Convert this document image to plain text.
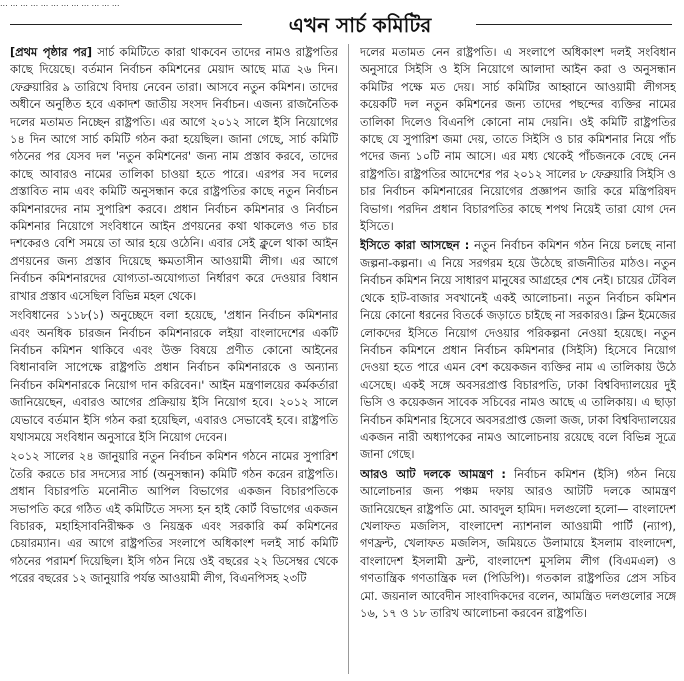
... ... ... ... ... ... ... ... ... ... ... ...
এখন সার্চ কমিটির

[প্রথম পৃষ্ঠার পর] সার্চ কমিটিতে কারা থাকবেন তাদের নামও রাষ্ট্রপতির কাছে দিয়েছে। বর্তমান নির্বাচন কমিশনের মেয়াদ আছে মাত্র ২৬ দিন। ফেব্রুয়ারির ৯ তারিখে বিদায় নেবেন তারা। আসবে নতুন কমিশন। তাদের অধীনে অনুষ্ঠিত হবে একাদশ জাতীয় সংসদ নির্বাচন। এজন্য রাজনৈতিক দলের মতামত নিচ্ছেন রাষ্ট্রপতি। এর আগে ২০১২ সালে ইসি নিয়োগের ১৪ দিন আগে সার্চ কমিটি গঠন করা হয়েছিল। জানা গেছে, সার্চ কমিটি গঠনের পর যেসব দল 'নতুন কমিশনের' জন্য নাম প্রস্তাব করবে, তাদের কাছে আবারও নামের তালিকা চাওয়া হতে পারে। এরপর সব দলের প্রস্তাবিত নাম এবং কমিটি অনুসন্ধান করে রাষ্ট্রপতির কাছে নতুন নির্বাচন কমিশনারদের নাম সুপারিশ করবে। প্রধান নির্বাচন কমিশনার ও নির্বাচন কমিশনার নিয়োগে সংবিধানে আইন প্রণয়নের কথা থাকলেও গত চার দশকেরও বেশি সময়ে তা আর হয়ে ওঠেনি। এবার সেই ক্লুলে থাকা আইন প্রণয়নের জন্য প্রস্তাব দিয়েছে ক্ষমতাসীন আওয়ামী লীগ। এর আগে নির্বাচন কমিশনারদের যোগ্যতা-অযোগ্যতা নির্ধারণ করে দেওয়ার বিধান রাখার প্রস্তাব এসেছিল বিভিন্ন মহল থেকে।

সংবিধানের ১১৮(১) অনুচ্ছেদে বলা হয়েছে, 'প্রধান নির্বাচন কমিশনার এবং অনধিক চারজন নির্বাচন কমিশনারকে লইয়া বাংলাদেশের একটি নির্বাচন কমিশন থাকিবে এবং উক্ত বিষয়ে প্রণীত কোনো আইনের বিধানাবলি সাপেক্ষে রাষ্ট্রপতি প্রধান নির্বাচন কমিশনারকে ও অন্যান্য নির্বাচন কমিশনারকে নিয়োগ দান করিবেন।' আইন মন্ত্রণালয়ের কর্মকর্তারা জানিয়েছেন, এবারও আগের প্রক্রিয়ায় ইসি নিয়োগ হবে। ২০১২ সালে যেভাবে বর্তমান ইসি গঠন করা হয়েছিল, এবারও সেভাবেই হবে। রাষ্ট্রপতি যথাসময়ে সংবিধান অনুসারে ইসি নিয়োগ দেবেন।

২০১২ সালের ২৪ জানুয়ারি নতুন নির্বাচন কমিশন গঠনে নামের সুপারিশ তৈরি করতে চার সদস্যের সার্চ (অনুসন্ধান) কমিটি গঠন করেন রাষ্ট্রপতি। প্রধান বিচারপতি মনোনীত আপিল বিভাগের একজন বিচারপতিকে সভাপতি করে গঠিত এই কমিটিতে সদস্য হন হাই কোর্ট বিভাগের একজন বিচারক, মহাহিসাবনিরীক্ষক ও নিয়ন্ত্রক এবং সরকারি কর্ম কমিশনের চেয়ারম্যান। এর আগে রাষ্ট্রপতির সংলাপে অধিকাংশ দলই সার্চ কমিটি গঠনের পরামর্শ দিয়েছিল। ইসি গঠন নিয়ে ওই বছরের ২২ ডিসেম্বর থেকে পরের বছরের ১২ জানুয়ারি পর্যন্ত আওয়ামী লীগ, বিএনপিসহ ২৩টি

দলের মতামত নেন রাষ্ট্রপতি। এ সংলাপে অধিকাংশ দলই সংবিধান অনুসারে সিইসি ও ইসি নিয়োগে আলাদা আইন করা ও অনুসন্ধান কমিটির পক্ষে মত দেয়। সার্চ কমিটির আহ্বানে আওয়ামী লীগসহ কয়েকটি দল নতুন কমিশনের জন্য তাদের পছন্দের ব্যক্তির নামের তালিকা দিলেও বিএনপি কোনো নাম দেয়নি। ওই কমিটি রাষ্ট্রপতির কাছে যে সুপারিশ জমা দেয়, তাতে সিইসি ও চার কমিশনার নিয়ে পাঁচ পদের জন্য ১০টি নাম আসে। এর মধ্য থেকেই পাঁচজনকে বেছে নেন রাষ্ট্রপতি। রাষ্ট্রপতির আদেশের পর ২০১২ সালের ৮ ফেব্রুয়ারি সিইসি ও চার নির্বাচন কমিশনারের নিয়োগের প্রজ্ঞাপন জারি করে মন্ত্রিপরিষদ বিভাগ। পরদিন প্রধান বিচারপতির কাছে শপথ নিয়েই তারা যোগ দেন ইসিতে।

ইসিতে কারা আসছেন : নতুন নির্বাচন কমিশন গঠন নিয়ে চলছে নানা জল্পনা-কল্পনা। এ নিয়ে সরগরম হয়ে উঠেছে রাজনীতির মাঠও। নতুন নির্বাচন কমিশন নিয়ে সাধারণ মানুষের আগ্রহের শেষ নেই। চায়ের টেবিল থেকে হাট-বাজার সবখানেই একই আলোচনা। নতুন নির্বাচন কমিশন নিয়ে কোনো ধরনের বিতর্কে জড়াতে চাইছে না সরকারও। ক্লিন ইমেজের লোকদের ইসিতে নিয়োগ দেওয়ার পরিকল্পনা নেওয়া হয়েছে। নতুন নির্বাচন কমিশনে প্রধান নির্বাচন কমিশনার (সিইসি) হিসেবে নিয়োগ দেওয়া হতে পারে এমন বেশ কয়েকজন ব্যক্তির নাম এ তালিকায় উঠে এসেছে। একই সঙ্গে অবসরপ্রাপ্ত বিচারপতি, ঢাকা বিশ্ববিদ্যালয়ের দুই ভিসি ও কয়েকজন সাবেক সচিবের নামও আছে এ তালিকায়। এ ছাড়া নির্বাচন কমিশনার হিসেবে অবসরপ্রাপ্ত জেলা জজ, ঢাকা বিশ্ববিদ্যালয়ের একজন নারী অধ্যাপকের নামও আলোচনায় রয়েছে বলে বিভিন্ন সূত্রে জানা গেছে।

আরও আট দলকে আমন্ত্রণ : নির্বাচন কমিশন (ইসি) গঠন নিয়ে আলোচনার জন্য পঞ্চম দফায় আরও আটটি দলকে আমন্ত্রণ জানিয়েছেন রাষ্ট্রপতি মো. আবদুল হামিদ। দলগুলো হলো— বাংলাদেশ খেলাফত মজলিস, বাংলাদেশ ন্যাশনাল আওয়ামী পার্টি (ন্যাপ), গণফ্রন্ট, খেলাফত মজলিস, জমিয়তে উলামায়ে ইসলাম বাংলাদেশ, বাংলাদেশ ইসলামী ফ্রন্ট, বাংলাদেশ মুসলিম লীগ (বিএমএল) ও গণতান্ত্রিক গণতান্ত্রিক দল (পিডিপি)। গতকাল রাষ্ট্রপতির প্রেস সচিব মো. জয়নাল আবেদীন সাংবাদিকদের বলেন, আমন্ত্রিত দলগুলোর সঙ্গে ১৬, ১৭ ও ১৮ তারিখ আলোচনা করবেন রাষ্ট্রপতি।
